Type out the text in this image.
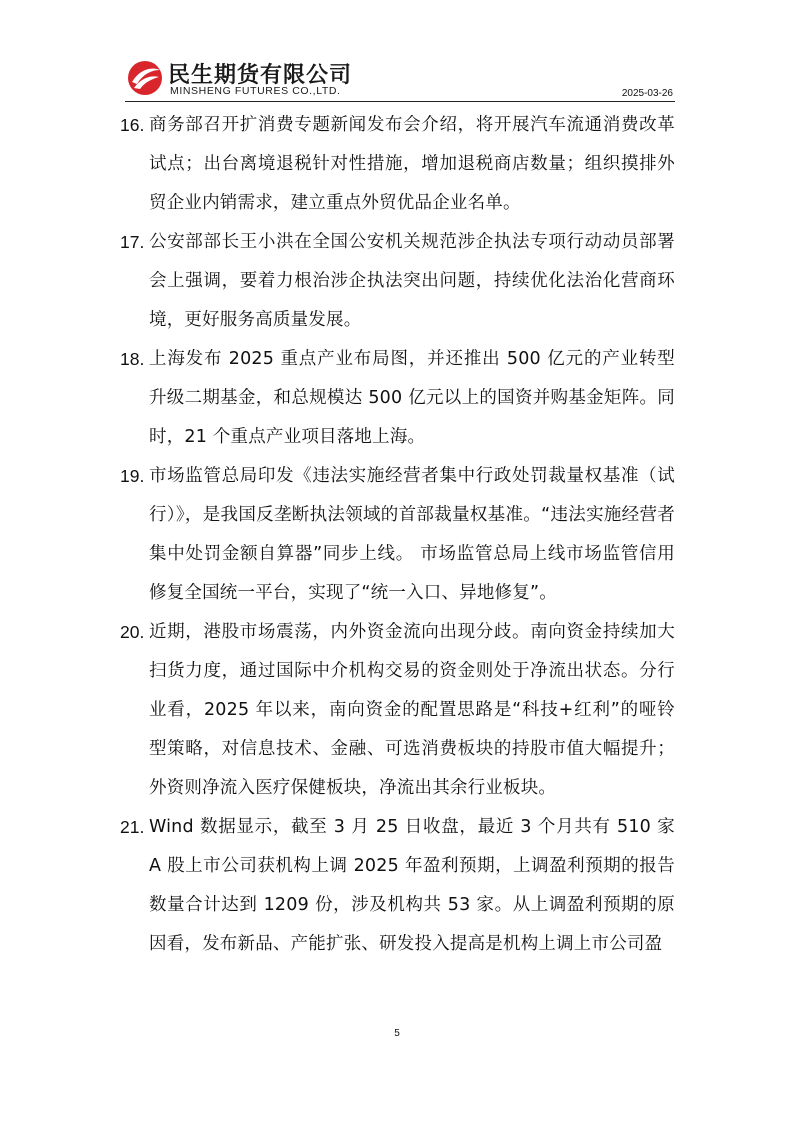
民生期货有限公司
MINSHENG FUTURES CO.,LTD.	2025-03-26
16. 商务部召开扩消费专题新闻发布会介绍，将开展汽车流通消费改革试点；出台离境退税针对性措施，增加退税商店数量；组织摸排外贸企业内销需求，建立重点外贸优品企业名单。
17. 公安部部长王小洪在全国公安机关规范涉企执法专项行动动员部署会上强调，要着力根治涉企执法突出问题，持续优化法治化营商环境，更好服务高质量发展。
18. 上海发布 2025 重点产业布局图，并还推出 500 亿元的产业转型升级二期基金，和总规模达 500 亿元以上的国资并购基金矩阵。同时，21 个重点产业项目落地上海。
19. 市场监管总局印发《违法实施经营者集中行政处罚裁量权基准（试行）》，是我国反垄断执法领域的首部裁量权基准。“违法实施经营者集中处罚金额自算器”同步上线。 市场监管总局上线市场监管信用修复全国统一平台，实现了“统一入口、异地修复”。
20. 近期，港股市场震荡，内外资金流向出现分歧。南向资金持续加大扫货力度，通过国际中介机构交易的资金则处于净流出状态。分行业看，2025 年以来，南向资金的配置思路是“科技+红利”的哑铃型策略，对信息技术、金融、可选消费板块的持股市值大幅提升；外资则净流入医疗保健板块，净流出其余行业板块。
21. Wind 数据显示，截至 3 月 25 日收盘，最近 3 个月共有 510 家 A 股上市公司获机构上调 2025 年盈利预期，上调盈利预期的报告数量合计达到 1209 份，涉及机构共 53 家。从上调盈利预期的原因看，发布新品、产能扩张、研发投入提高是机构上调上市公司盈
5
